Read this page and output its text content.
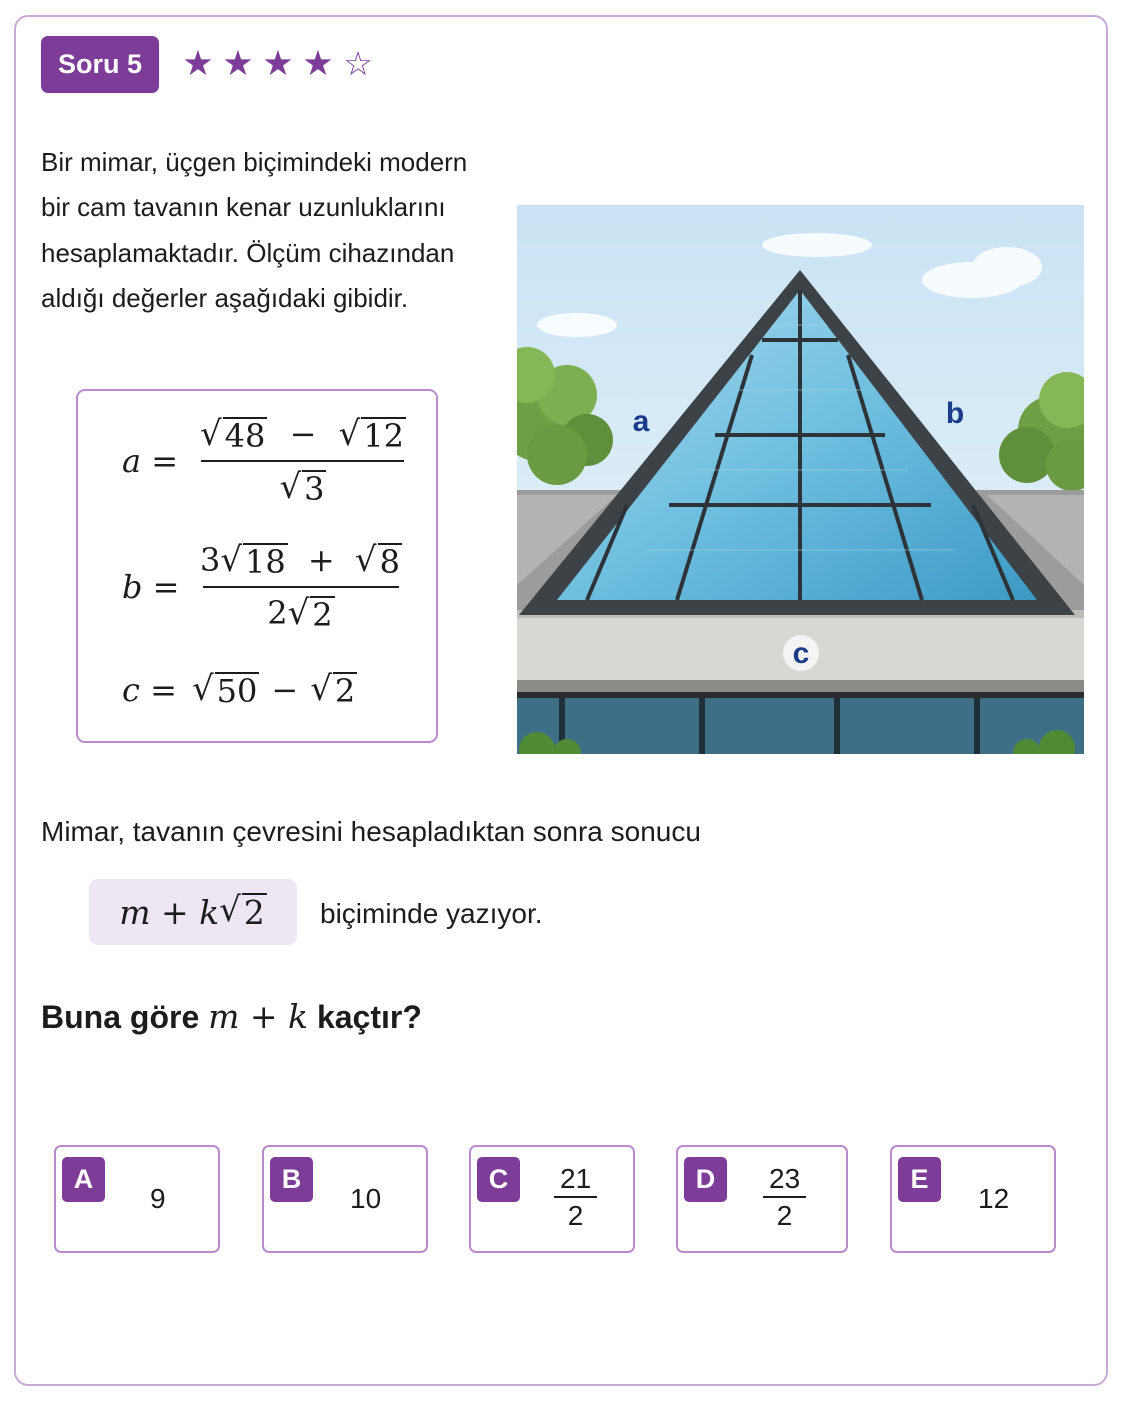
Soru 5	★ ★ ★ ★ ☆

Bir mimar, üçgen biçimindeki modern bir cam tavanın kenar uzunluklarını hesaplamaktadır. Ölçüm cihazından aldığı değerler aşağıdaki gibidir.

$a = \frac{√ 48 - √ 12}{√ 3}$
$b = \frac{3 √ 18 + √ 8}{2 √ 2}$
c = √ 50 − √ 2
a	b
c

Mimar, tavanın çevresini hesapladıktan sonra sonucu

m + k √ 2 biçiminde yazıyor.

Buna göre m + k kaçtır?

A
9
B
10
C	$\frac{21}{2}$	D	$\frac{23}{2}$	E
12
